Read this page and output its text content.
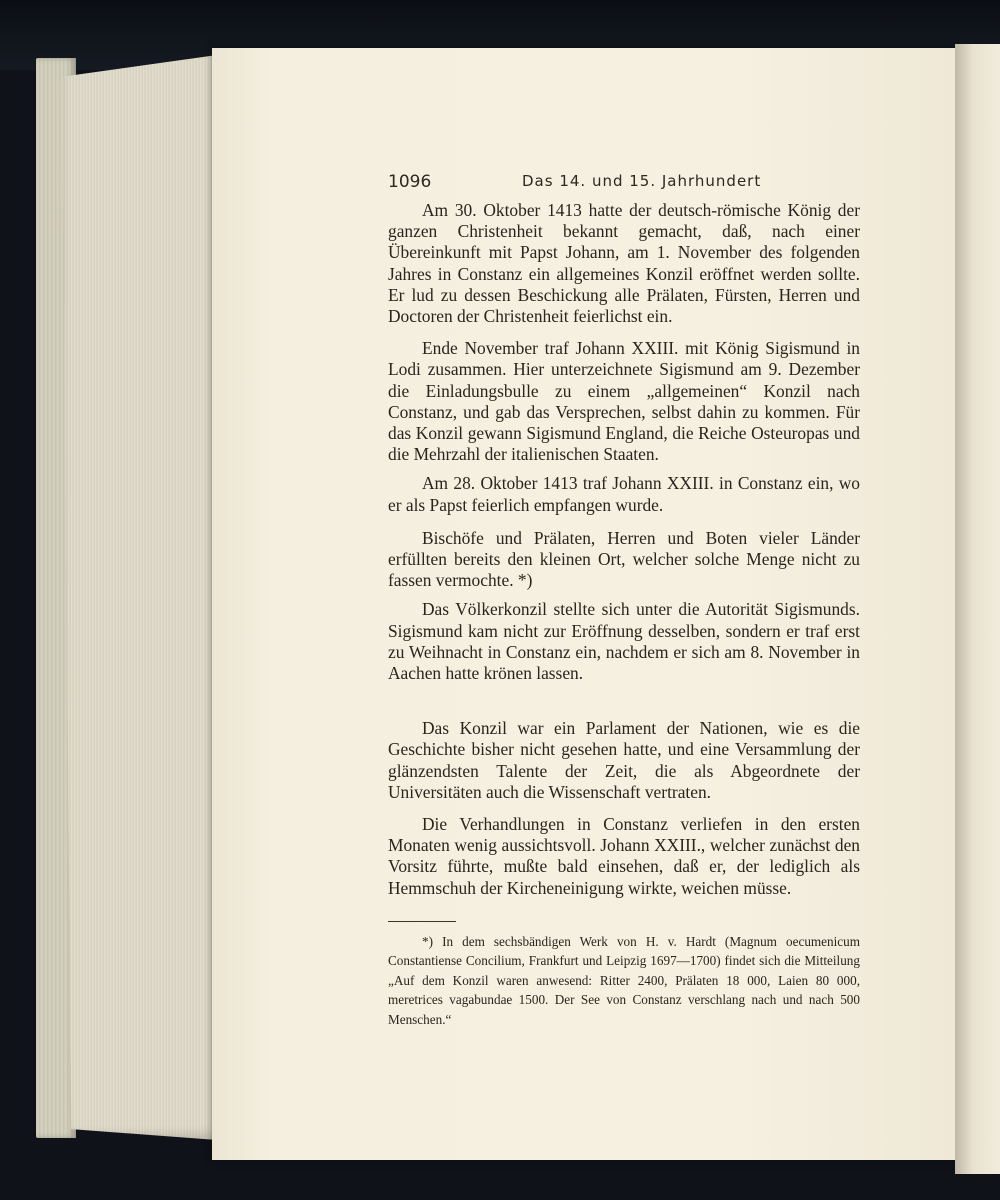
1096	Das 14. und 15. Jahrhundert

Am 30. Oktober 1413 hatte der deutsch-römische König der ganzen Christenheit bekannt gemacht, daß, nach einer Übereinkunft mit Papst Johann, am 1. November des folgenden Jahres in Constanz ein allgemeines Konzil eröffnet werden sollte. Er lud zu dessen Beschickung alle Prälaten, Fürsten, Herren und Doctoren der Christenheit feierlichst ein.

Ende November traf Johann XXIII. mit König Sigismund in Lodi zusammen. Hier unterzeichnete Sigismund am 9. Dezember die Einladungsbulle zu einem „allgemeinen“ Konzil nach Constanz, und gab das Versprechen, selbst dahin zu kommen. Für das Konzil gewann Sigismund England, die Reiche Osteuropas und die Mehrzahl der italienischen Staaten.

Am 28. Oktober 1413 traf Johann XXIII. in Constanz ein, wo er als Papst feierlich empfangen wurde.

Bischöfe und Prälaten, Herren und Boten vieler Länder erfüllten bereits den kleinen Ort, welcher solche Menge nicht zu fassen vermochte. *)

Das Völkerkonzil stellte sich unter die Autorität Sigismunds. Sigismund kam nicht zur Eröffnung desselben, sondern er traf erst zu Weihnacht in Constanz ein, nachdem er sich am 8. November in Aachen hatte krönen lassen.

Das Konzil war ein Parlament der Nationen, wie es die Geschichte bisher nicht gesehen hatte, und eine Versammlung der glänzendsten Talente der Zeit, die als Abgeordnete der Universitäten auch die Wissenschaft vertraten.

Die Verhandlungen in Constanz verliefen in den ersten Monaten wenig aussichtsvoll. Johann XXIII., welcher zunächst den Vorsitz führte, mußte bald einsehen, daß er, der lediglich als Hemmschuh der Kircheneinigung wirkte, weichen müsse.

*) In dem sechsbändigen Werk von H. v. Hardt (Magnum oecumenicum Constantiense Concilium, Frankfurt und Leipzig 1697—1700) findet sich die Mitteilung „Auf dem Konzil waren anwesend: Ritter 2400, Prälaten 18 000, Laien 80 000, meretrices vagabundae 1500. Der See von Constanz verschlang nach und nach 500 Menschen.“
